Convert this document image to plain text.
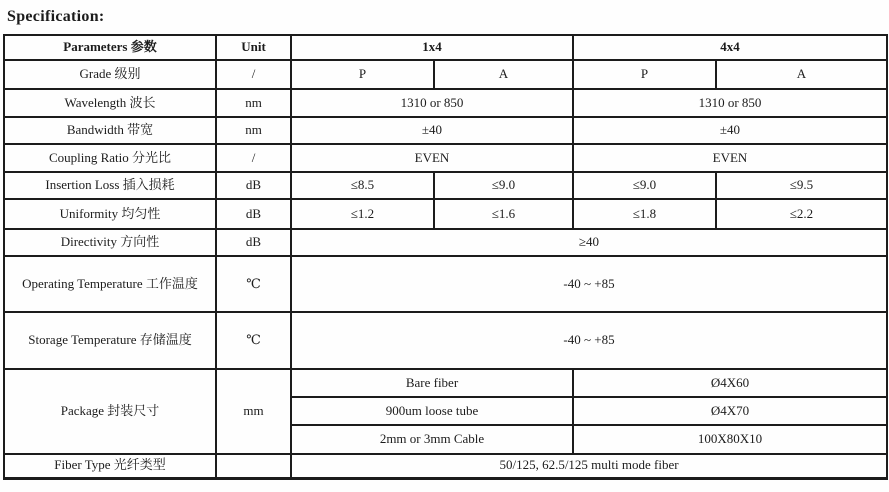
Specification:
Parameters 参数	Unit	1x4		4x4	
Grade 级别	/	P	A	P	A
Wavelength 波长	nm	1310 or 850		1310 or 850	
Bandwidth 带宽	nm	±40		±40	
Coupling Ratio 分光比	/	EVEN		EVEN	
Insertion Loss 插入损耗	dB	≤8.5	≤9.0	≤9.0	≤9.5
Uniformity 均匀性	dB	≤1.2	≤1.6	≤1.8	≤2.2
Directivity 方向性	dB	≥40			
Operating Temperature 工作温度	℃	-40 ~ +85			
Storage Temperature 存储温度	℃	-40 ~ +85			
Package 封装尺寸	mm	Bare fiber		Ø4X60	
		900um loose tube		Ø4X70	
		2mm or 3mm Cable		100X80X10	
Fiber Type 光纤类型		50/125, 62.5/125 multi mode fiber			
